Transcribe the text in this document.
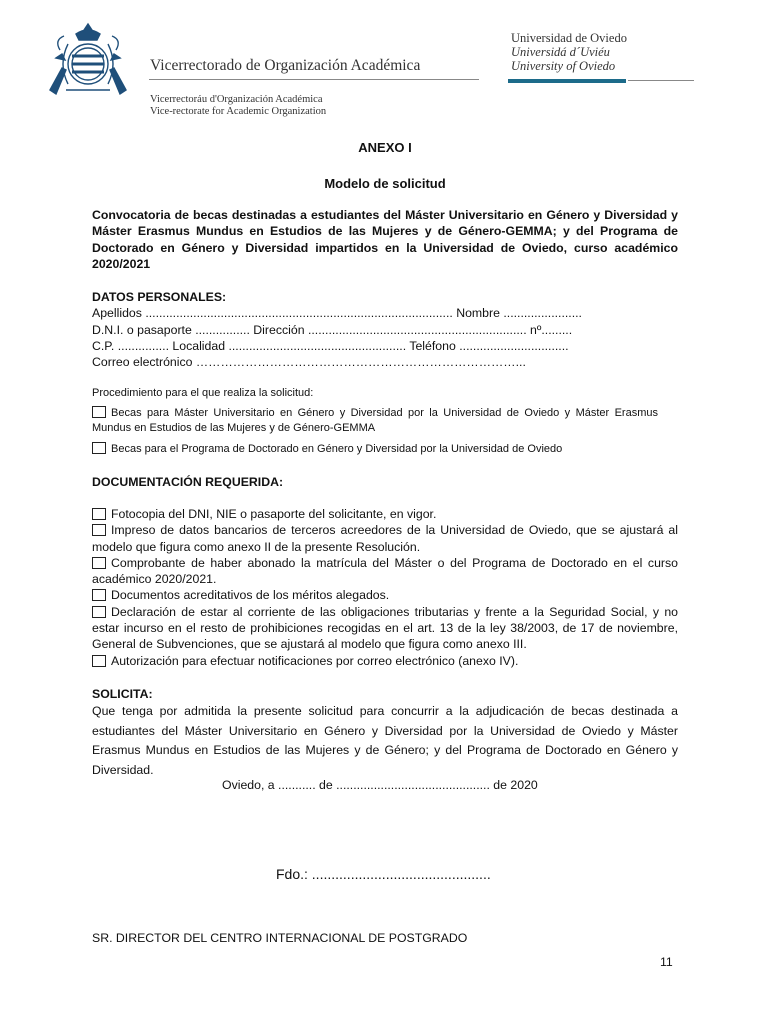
Vicerrectorado de Organización Académica
Universidad de Oviedo
Universidá d´Uviéu
University of Oviedo
Vicerrectoráu d'Organización Académica
Vice-rectorate for Academic Organization
ANEXO I
Modelo de solicitud
Convocatoria de becas destinadas a estudiantes del Máster Universitario en Género y Diversidad y Máster Erasmus Mundus en Estudios de las Mujeres y de Género-GEMMA; y del Programa de Doctorado en Género y Diversidad impartidos en la Universidad de Oviedo, curso académico 2020/2021
DATOS PERSONALES:
Apellidos .......................................................................................... Nombre .......................
D.N.I. o pasaporte ................ Dirección ................................................................ nº.........
C.P. ............... Localidad .................................................... Teléfono ................................
Correo electrónico ……………………………………………………………………...
Procedimiento para el que realiza la solicitud:
Becas para Máster Universitario en Género y Diversidad por la Universidad de Oviedo y Máster Erasmus Mundus en Estudios de las Mujeres y de Género-GEMMA
Becas para el Programa de Doctorado en Género y Diversidad por la Universidad de Oviedo
DOCUMENTACIÓN REQUERIDA:
Fotocopia del DNI, NIE o pasaporte del solicitante, en vigor.
Impreso de datos bancarios de terceros acreedores de la Universidad de Oviedo, que se ajustará al modelo que figura como anexo II de la presente Resolución.
Comprobante de haber abonado la matrícula del Máster o del Programa de Doctorado en el curso académico 2020/2021.
Documentos acreditativos de los méritos alegados.
Declaración de estar al corriente de las obligaciones tributarias y frente a la Seguridad Social, y no estar incurso en el resto de prohibiciones recogidas en el art. 13 de la ley 38/2003, de 17 de noviembre, General de Subvenciones, que se ajustará al modelo que figura como anexo III.
Autorización para efectuar notificaciones por correo electrónico (anexo IV).
SOLICITA:
Que tenga por admitida la presente solicitud para concurrir a la adjudicación de becas destinada a estudiantes del Máster Universitario en Género y Diversidad por la Universidad de Oviedo y Máster Erasmus Mundus en Estudios de las Mujeres y de Género; y del Programa de Doctorado en Género y Diversidad.
Oviedo, a ........... de ............................................. de 2020
Fdo.: ..............................................
SR. DIRECTOR DEL CENTRO INTERNACIONAL DE POSTGRADO
11
